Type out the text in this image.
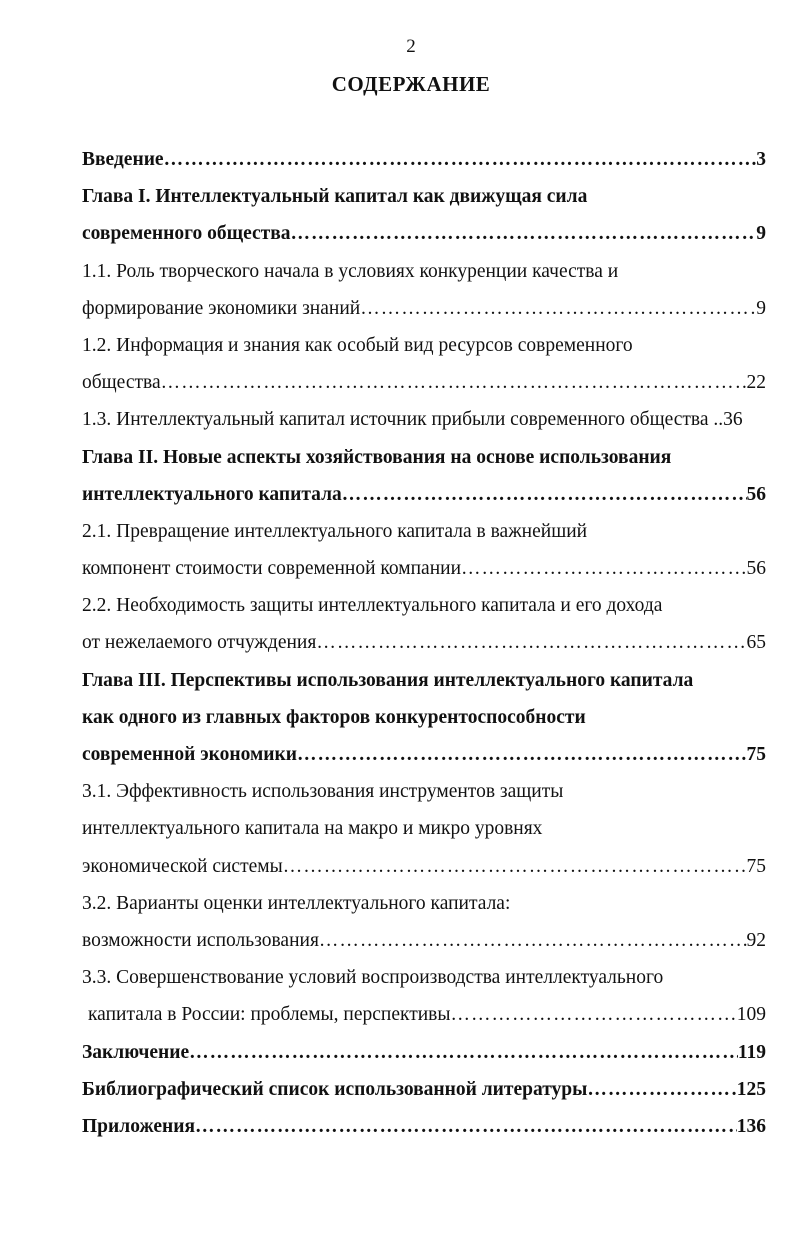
2
СОДЕРЖАНИЕ
Введение ………………………………………………………………………………………………………………………………………………………………………………	3
Глава I. Интеллектуальный капитал как движущая сила
современного общества ………………………………………………………………………………………………………………………………………………………………………………	9
1.1. Роль творческого начала в условиях конкуренции качества и
формирование экономики знаний ………………………………………………………………………………………………………………………………………………………………………………	9
1.2. Информация и знания как особый вид ресурсов современного
общества ………………………………………………………………………………………………………………………………………………………………………………	22
1.3. Интеллектуальный капитал источник прибыли современного общества ..36
Глава II. Новые аспекты хозяйствования на основе использования
интеллектуального капитала ………………………………………………………………………………………………………………………………………………………………………………	56
2.1. Превращение интеллектуального капитала в важнейший
компонент стоимости современной компании ………………………………………………………………………………………………………………………………………………………………………………	56
2.2. Необходимость защиты интеллектуального капитала и его дохода
от нежелаемого отчуждения ………………………………………………………………………………………………………………………………………………………………………………	65
Глава III. Перспективы использования интеллектуального капитала
как одного из главных факторов конкурентоспособности
современной экономики ………………………………………………………………………………………………………………………………………………………………………………	75
3.1. Эффективность использования инструментов защиты
интеллектуального капитала на макро и микро уровнях
экономической системы ………………………………………………………………………………………………………………………………………………………………………………	75
3.2. Варианты оценки интеллектуального капитала:
возможности использования ………………………………………………………………………………………………………………………………………………………………………………	92
3.3. Совершенствование условий воспроизводства интеллектуального
капитала в России: проблемы, перспективы ………………………………………………………………………………………………………………………………………………………………………………	109
Заключение ………………………………………………………………………………………………………………………………………………………………………………	119
Библиографический список использованной литературы ………………………………………………………………………………………………………………………………………………………………………………	125
Приложения ………………………………………………………………………………………………………………………………………………………………………………	136
